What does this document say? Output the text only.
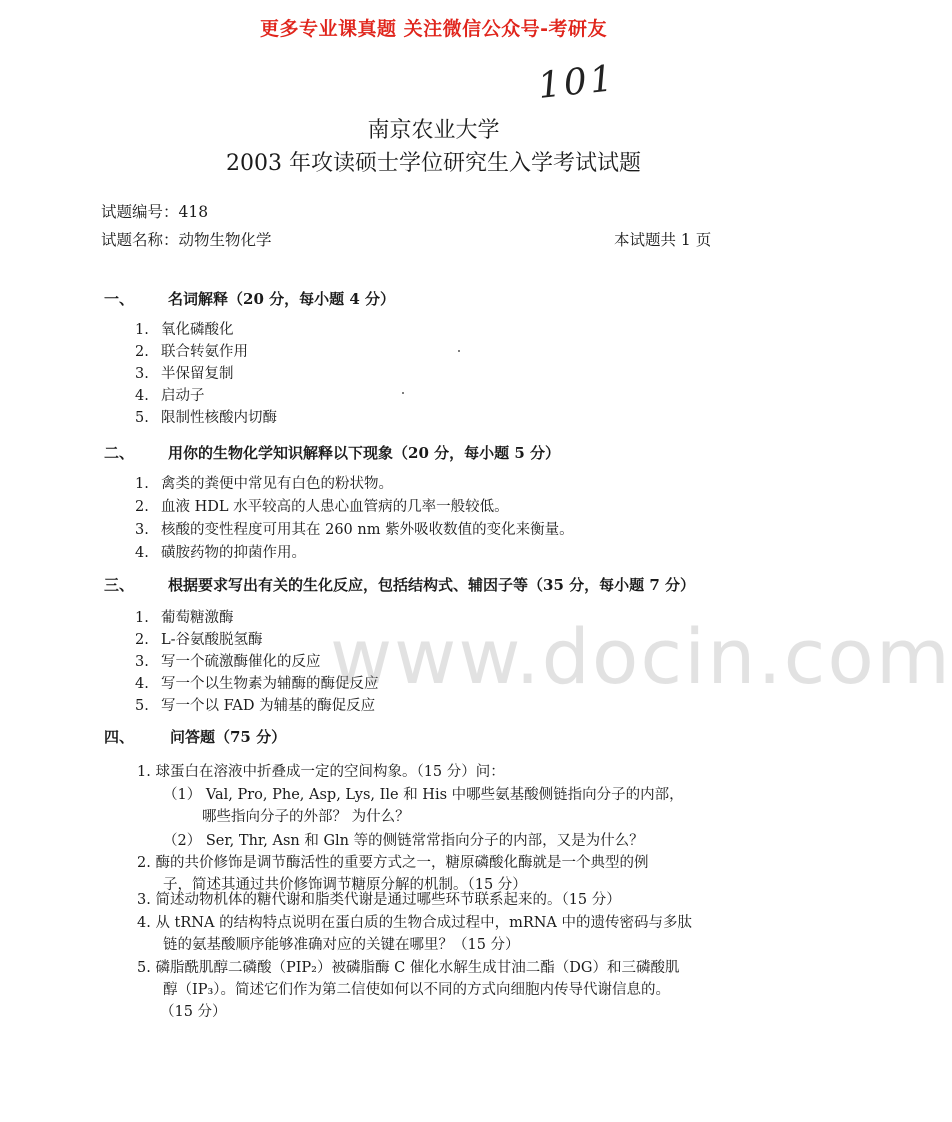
更多专业课真题 关注微信公众号-考研友
101
南京农业大学
2003 年攻读硕士学位研究生入学考试试题
试题编号：418
试题名称：动物生物化学	本试题共 1 页
一、 名词解释（20 分，每小题 4 分）
1. 氧化磷酸化
2. 联合转氨作用
3. 半保留复制
4. 启动子
5. 限制性核酸内切酶
二、 用你的生物化学知识解释以下现象（20 分，每小题 5 分）
1. 禽类的粪便中常见有白色的粉状物。
2. 血液 HDL 水平较高的人患心血管病的几率一般较低。
3. 核酸的变性程度可用其在 260 nm 紫外吸收数值的变化来衡量。
4. 磺胺药物的抑菌作用。
三、 根据要求写出有关的生化反应，包括结构式、辅因子等（35 分，每小题 7 分）
1. 葡萄糖激酶
2. L-谷氨酸脱氢酶
3. 写一个硫激酶催化的反应
4. 写一个以生物素为辅酶的酶促反应
5. 写一个以 FAD 为辅基的酶促反应
www.docin.com
四、 问答题（75 分）
1. 球蛋白在溶液中折叠成一定的空间构象。（15 分）问：
（1） Val, Pro, Phe, Asp, Lys, Ile 和 His 中哪些氨基酸侧链指向分子的内部，
哪些指向分子的外部？ 为什么？
（2） Ser, Thr, Asn 和 Gln 等的侧链常常指向分子的内部，又是为什么？
2. 酶的共价修饰是调节酶活性的重要方式之一，糖原磷酸化酶就是一个典型的例
子，简述其通过共价修饰调节糖原分解的机制。（15 分）
3. 简述动物机体的糖代谢和脂类代谢是通过哪些环节联系起来的。（15 分）
4. 从 tRNA 的结构特点说明在蛋白质的生物合成过程中，mRNA 中的遗传密码与多肽
链的氨基酸顺序能够准确对应的关键在哪里？（15 分）
5. 磷脂酰肌醇二磷酸（PIP₂）被磷脂酶 C 催化水解生成甘油二酯（DG）和三磷酸肌
醇（IP₃）。简述它们作为第二信使如何以不同的方式向细胞内传导代谢信息的。
（15 分）
